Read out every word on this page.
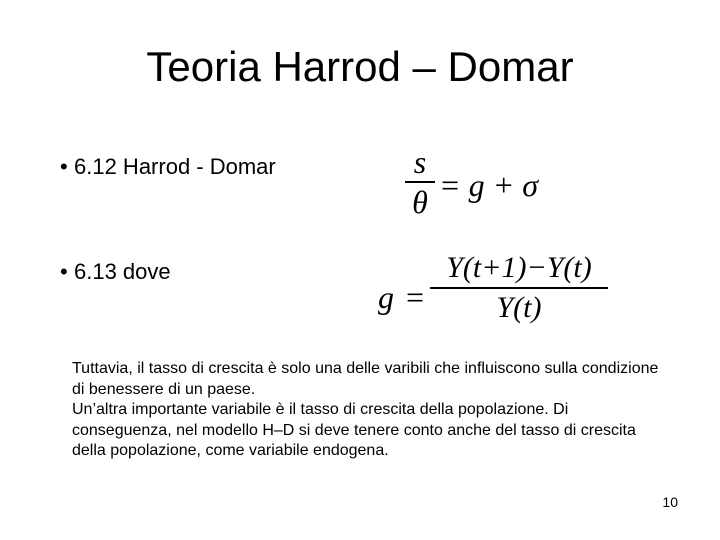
Teoria Harrod – Domar
• 6.12 Harrod - Domar	s
θ = g + σ
• 6.13 dove
g =
Y(t+1)−Y(t)
Y(t)

Tuttavia, il tasso di crescita è solo una delle varibili che influiscono sulla condizione di benessere di un paese.

Un’altra importante variabile è il tasso di crescita della popolazione. Di conseguenza, nel modello H–D si deve tenere conto anche del tasso di crescita della popolazione, come variabile endogena.

10
